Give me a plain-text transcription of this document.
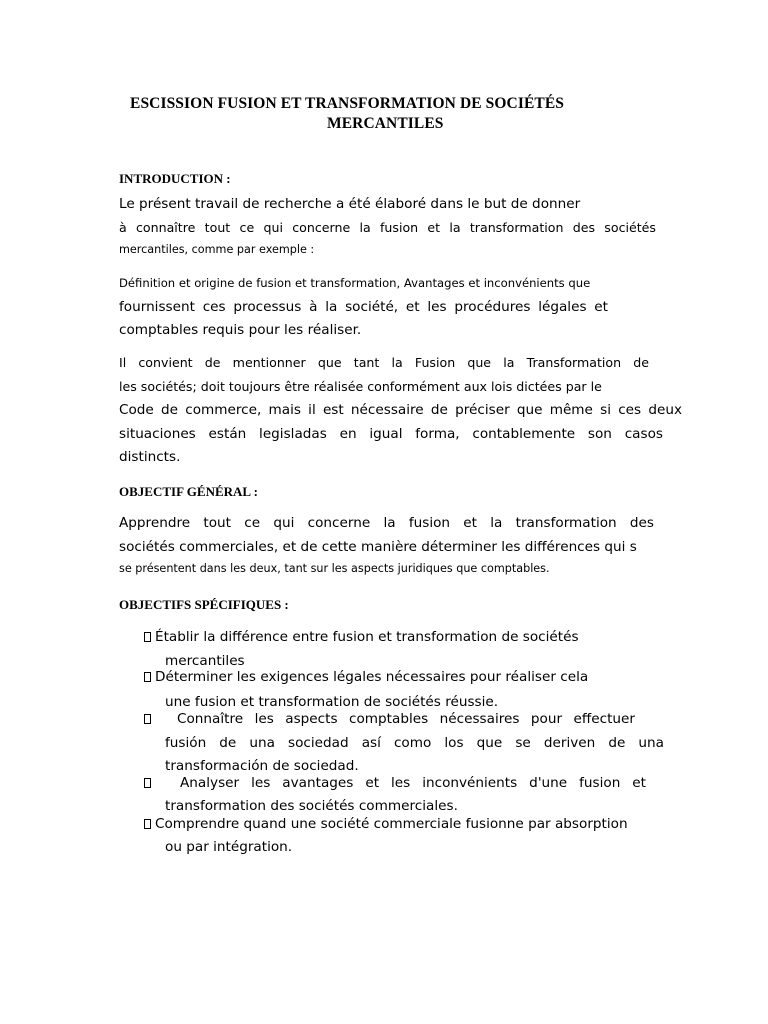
ESCISSION FUSION ET TRANSFORMATION DE SOCIÉTÉS
MERCANTILES
INTRODUCTION :
Le présent travail de recherche a été élaboré dans le but de donner
à connaître tout ce qui concerne la fusion et la transformation des sociétés
mercantiles, comme par exemple :
Définition et origine de fusion et transformation, Avantages et inconvénients que
fournissent ces processus à la société, et les procédures légales et
comptables requis pour les réaliser.
Il convient de mentionner que tant la Fusion que la Transformation de
les sociétés; doit toujours être réalisée conformément aux lois dictées par le
Code de commerce, mais il est nécessaire de préciser que même si ces deux
situaciones están legisladas en igual forma, contablemente son casos
distincts.
OBJECTIF GÉNÉRAL :
Apprendre tout ce qui concerne la fusion et la transformation des
sociétés commerciales, et de cette manière déterminer les différences qui s
se présentent dans les deux, tant sur les aspects juridiques que comptables.
OBJECTIFS SPÉCIFIQUES :
Établir la différence entre fusion et transformation de sociétés
mercantiles
Déterminer les exigences légales nécessaires pour réaliser cela
une fusion et transformation de sociétés réussie.
Connaître les aspects comptables nécessaires pour effectuer
fusión de una sociedad así como los que se deriven de una
transformación de sociedad.
Analyser les avantages et les inconvénients d'une fusion et
transformation des sociétés commerciales.
Comprendre quand une société commerciale fusionne par absorption
ou par intégration.
